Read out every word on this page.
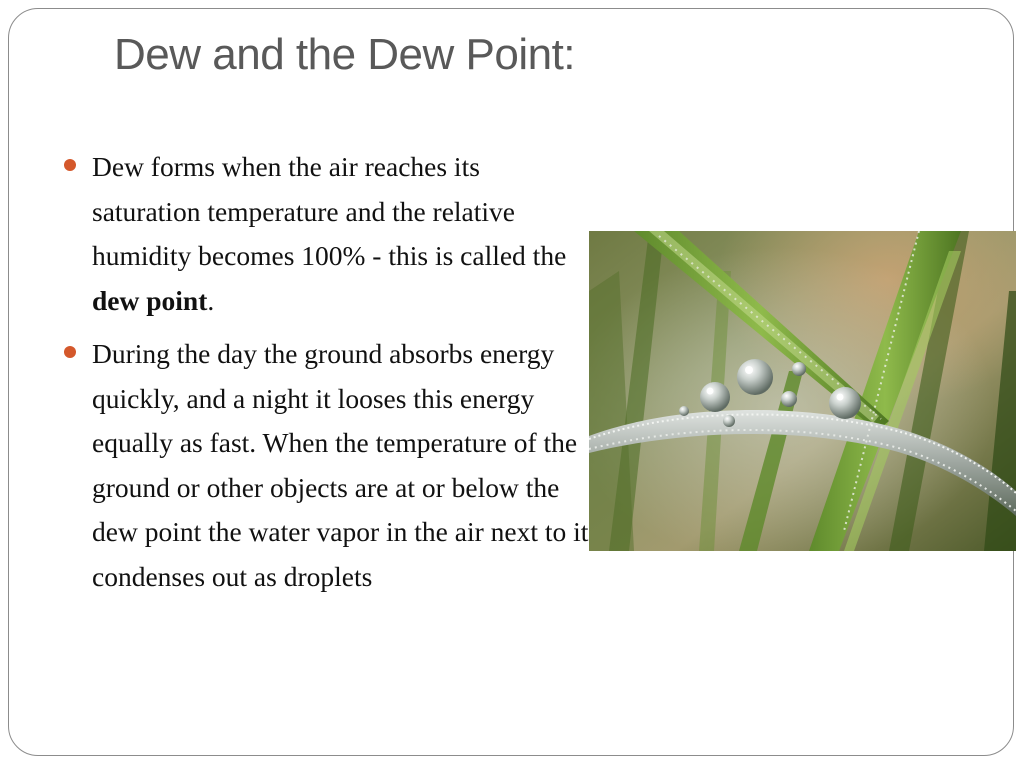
Dew and the Dew Point:
Dew forms when the air reaches its saturation temperature and the relative humidity becomes 100% - this is called the dew point.
During the day the ground absorbs energy quickly, and a night it looses this energy equally as fast. When the temperature of the ground or other objects are at or below the dew point the water vapor in the air next to it condenses out as droplets
